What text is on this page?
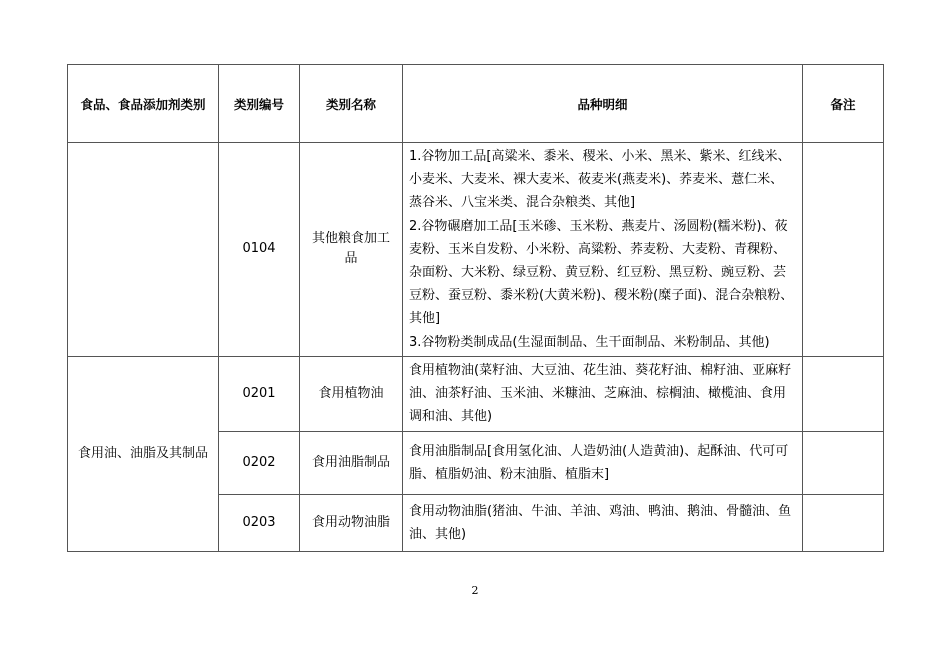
食品、食品添加剂类别	类别编号	类别名称	品种明细	备注
	0104	其他粮食加工品	1.谷物加工品[高粱米、黍米、稷米、小米、黑米、紫米、红线米、小麦米、大麦米、裸大麦米、莜麦米(燕麦米)、荞麦米、薏仁米、蒸谷米、八宝米类、混合杂粮类、其他]

2.谷物碾磨加工品[玉米碜、玉米粉、燕麦片、汤圆粉(糯米粉)、莜麦粉、玉米自发粉、小米粉、高粱粉、荞麦粉、大麦粉、青稞粉、杂面粉、大米粉、绿豆粉、黄豆粉、红豆粉、黑豆粉、豌豆粉、芸豆粉、蚕豆粉、黍米粉(大黄米粉)、稷米粉(糜子面)、混合杂粮粉、其他]

3.谷物粉类制成品(生湿面制品、生干面制品、米粉制品、其他)	

食用油、油脂及其制品	0201	食用植物油	食用植物油(菜籽油、大豆油、花生油、葵花籽油、棉籽油、亚麻籽油、油茶籽油、玉米油、米糠油、芝麻油、棕榈油、橄榄油、食用调和油、其他)	

	0202	食用油脂制品	食用油脂制品[食用氢化油、人造奶油(人造黄油)、起酥油、代可可脂、植脂奶油、粉末油脂、植脂末]	

	0203	食用动物油脂	食用动物油脂(猪油、牛油、羊油、鸡油、鸭油、鹅油、骨髓油、鱼油、其他)	

2
